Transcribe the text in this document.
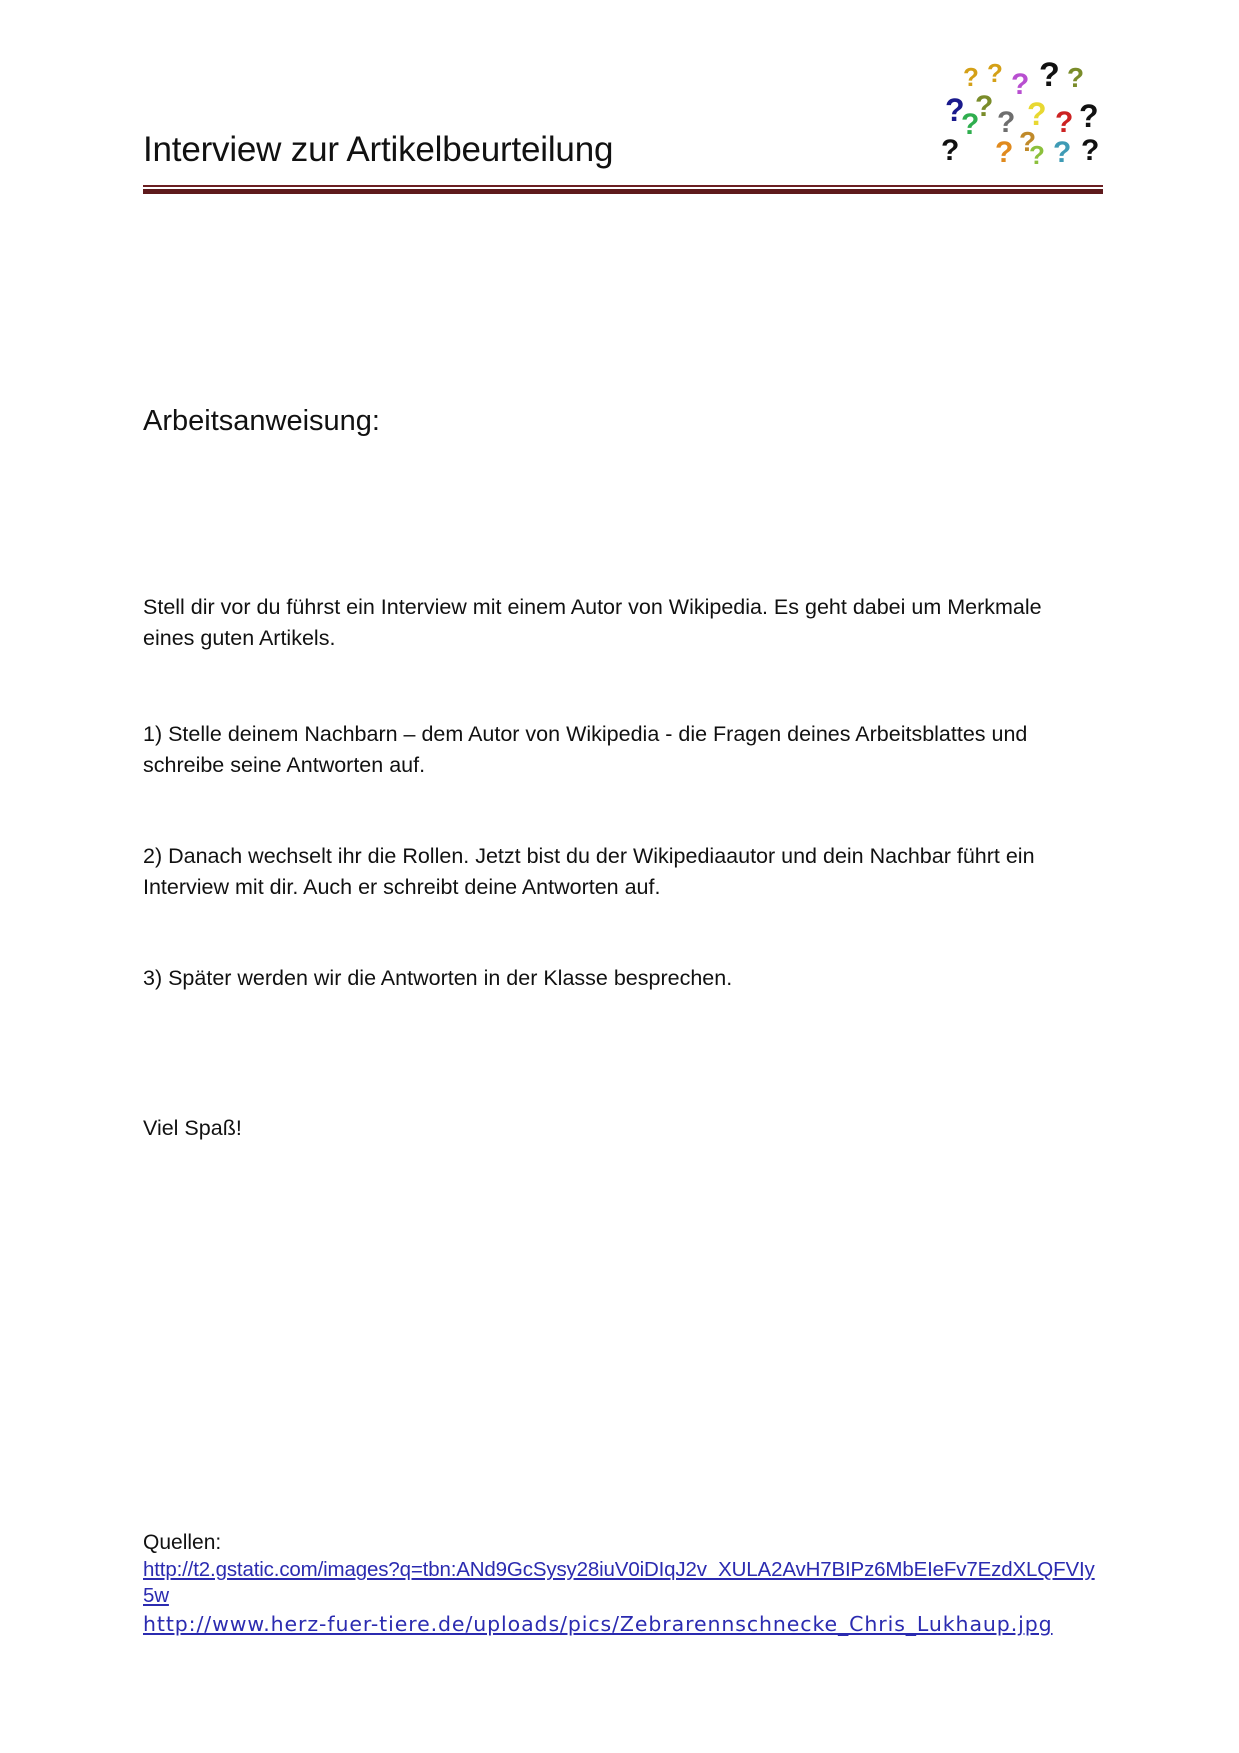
Interview zur Artikelbeurteilung
? ? ? ? ?
? ?
? ? ? ? ?
? ? ?
? ? ?
Arbeitsanweisung:
Stell dir vor du führst ein Interview mit einem Autor von Wikipedia. Es geht dabei um Merkmale eines guten Artikels.
1) Stelle deinem Nachbarn – dem Autor von Wikipedia - die Fragen deines Arbeitsblattes und schreibe seine Antworten auf.
2) Danach wechselt ihr die Rollen. Jetzt bist du der Wikipediaautor und dein Nachbar führt ein Interview mit dir. Auch er schreibt deine Antworten auf.
3) Später werden wir die Antworten in der Klasse besprechen.
Viel Spaß!
Quellen:
http://t2.gstatic.com/images?q=tbn:ANd9GcSysy28iuV0iDIqJ2v_XULA2AvH7BIPz6MbEIeFv7EzdXLQFVIy5w
http://www.herz-fuer-tiere.de/uploads/pics/Zebrarennschnecke_Chris_Lukhaup.jpg
